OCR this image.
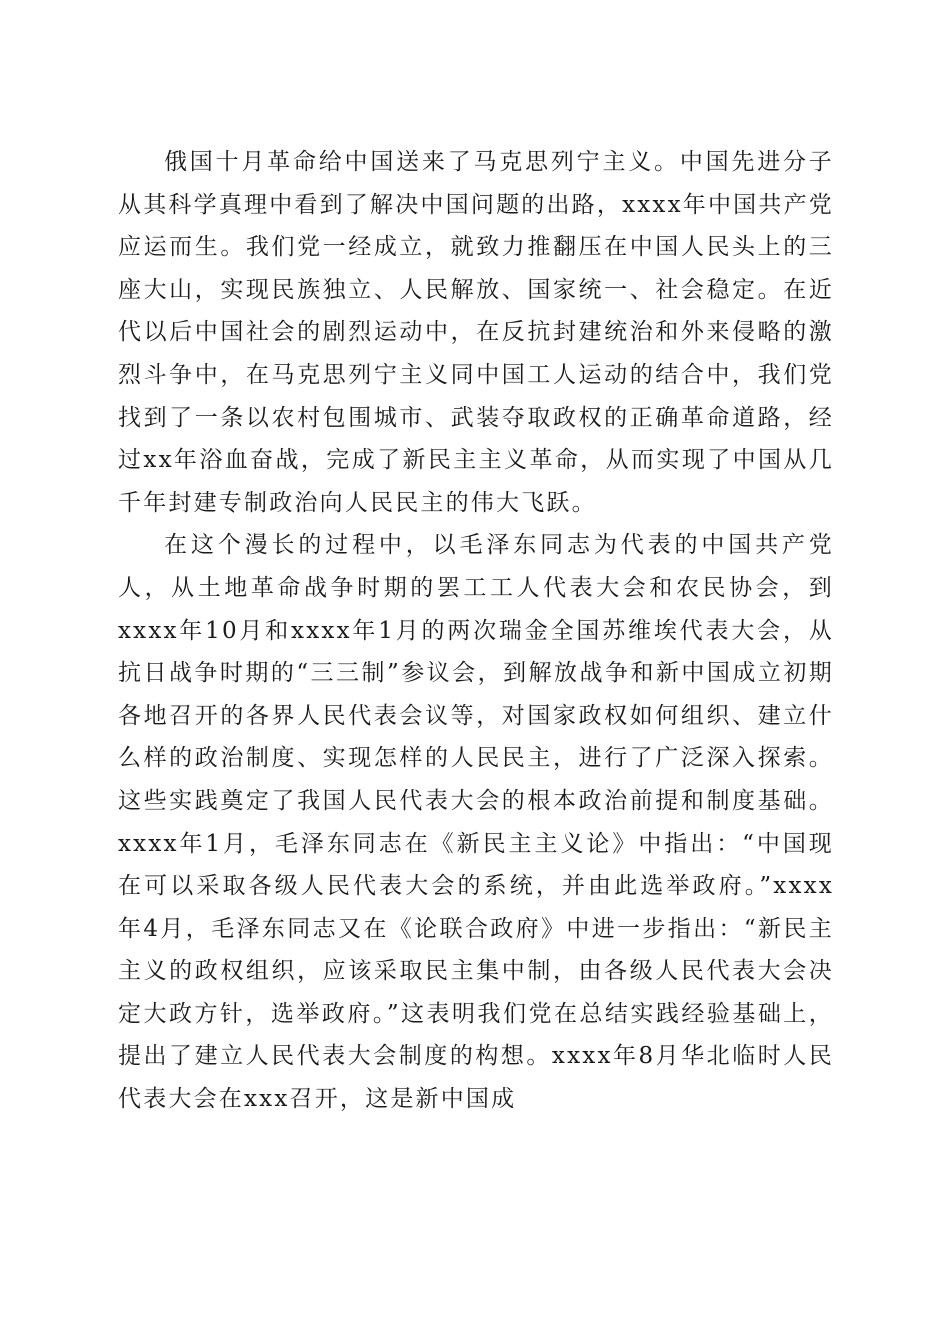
俄国十月革命给中国送来了马克思列宁主义。中国先进分子从其科学真理中看到了解决中国问题的出路，xxxx年中国共产党应运而生。我们党一经成立，就致力推翻压在中国人民头上的三座大山，实现民族独立、人民解放、国家统一、社会稳定。在近代以后中国社会的剧烈运动中，在反抗封建统治和外来侵略的激烈斗争中，在马克思列宁主义同中国工人运动的结合中，我们党找到了一条以农村包围城市、武装夺取政权的正确革命道路，经过xx年浴血奋战，完成了新民主主义革命，从而实现了中国从几千年封建专制政治向人民民主的伟大飞跃。

在这个漫长的过程中，以毛泽东同志为代表的中国共产党人，从土地革命战争时期的罢工工人代表大会和农民协会，到xxxx年10月和xxxx年1月的两次瑞金全国苏维埃代表大会，从抗日战争时期的“三三制”参议会，到解放战争和新中国成立初期各地召开的各界人民代表会议等，对国家政权如何组织、建立什么样的政治制度、实现怎样的人民民主，进行了广泛深入探索。这些实践奠定了我国人民代表大会的根本政治前提和制度基础。xxxx年1月，毛泽东同志在《新民主主义论》中指出：“中国现在可以采取各级人民代表大会的系统，并由此选举政府。”xxxx年4月，毛泽东同志又在《论联合政府》中进一步指出：“新民主主义的政权组织，应该采取民主集中制，由各级人民代表大会决定大政方针，选举政府。”这表明我们党在总结实践经验基础上，提出了建立人民代表大会制度的构想。xxxx年8月华北临时人民代表大会在xxx召开，这是新中国成
